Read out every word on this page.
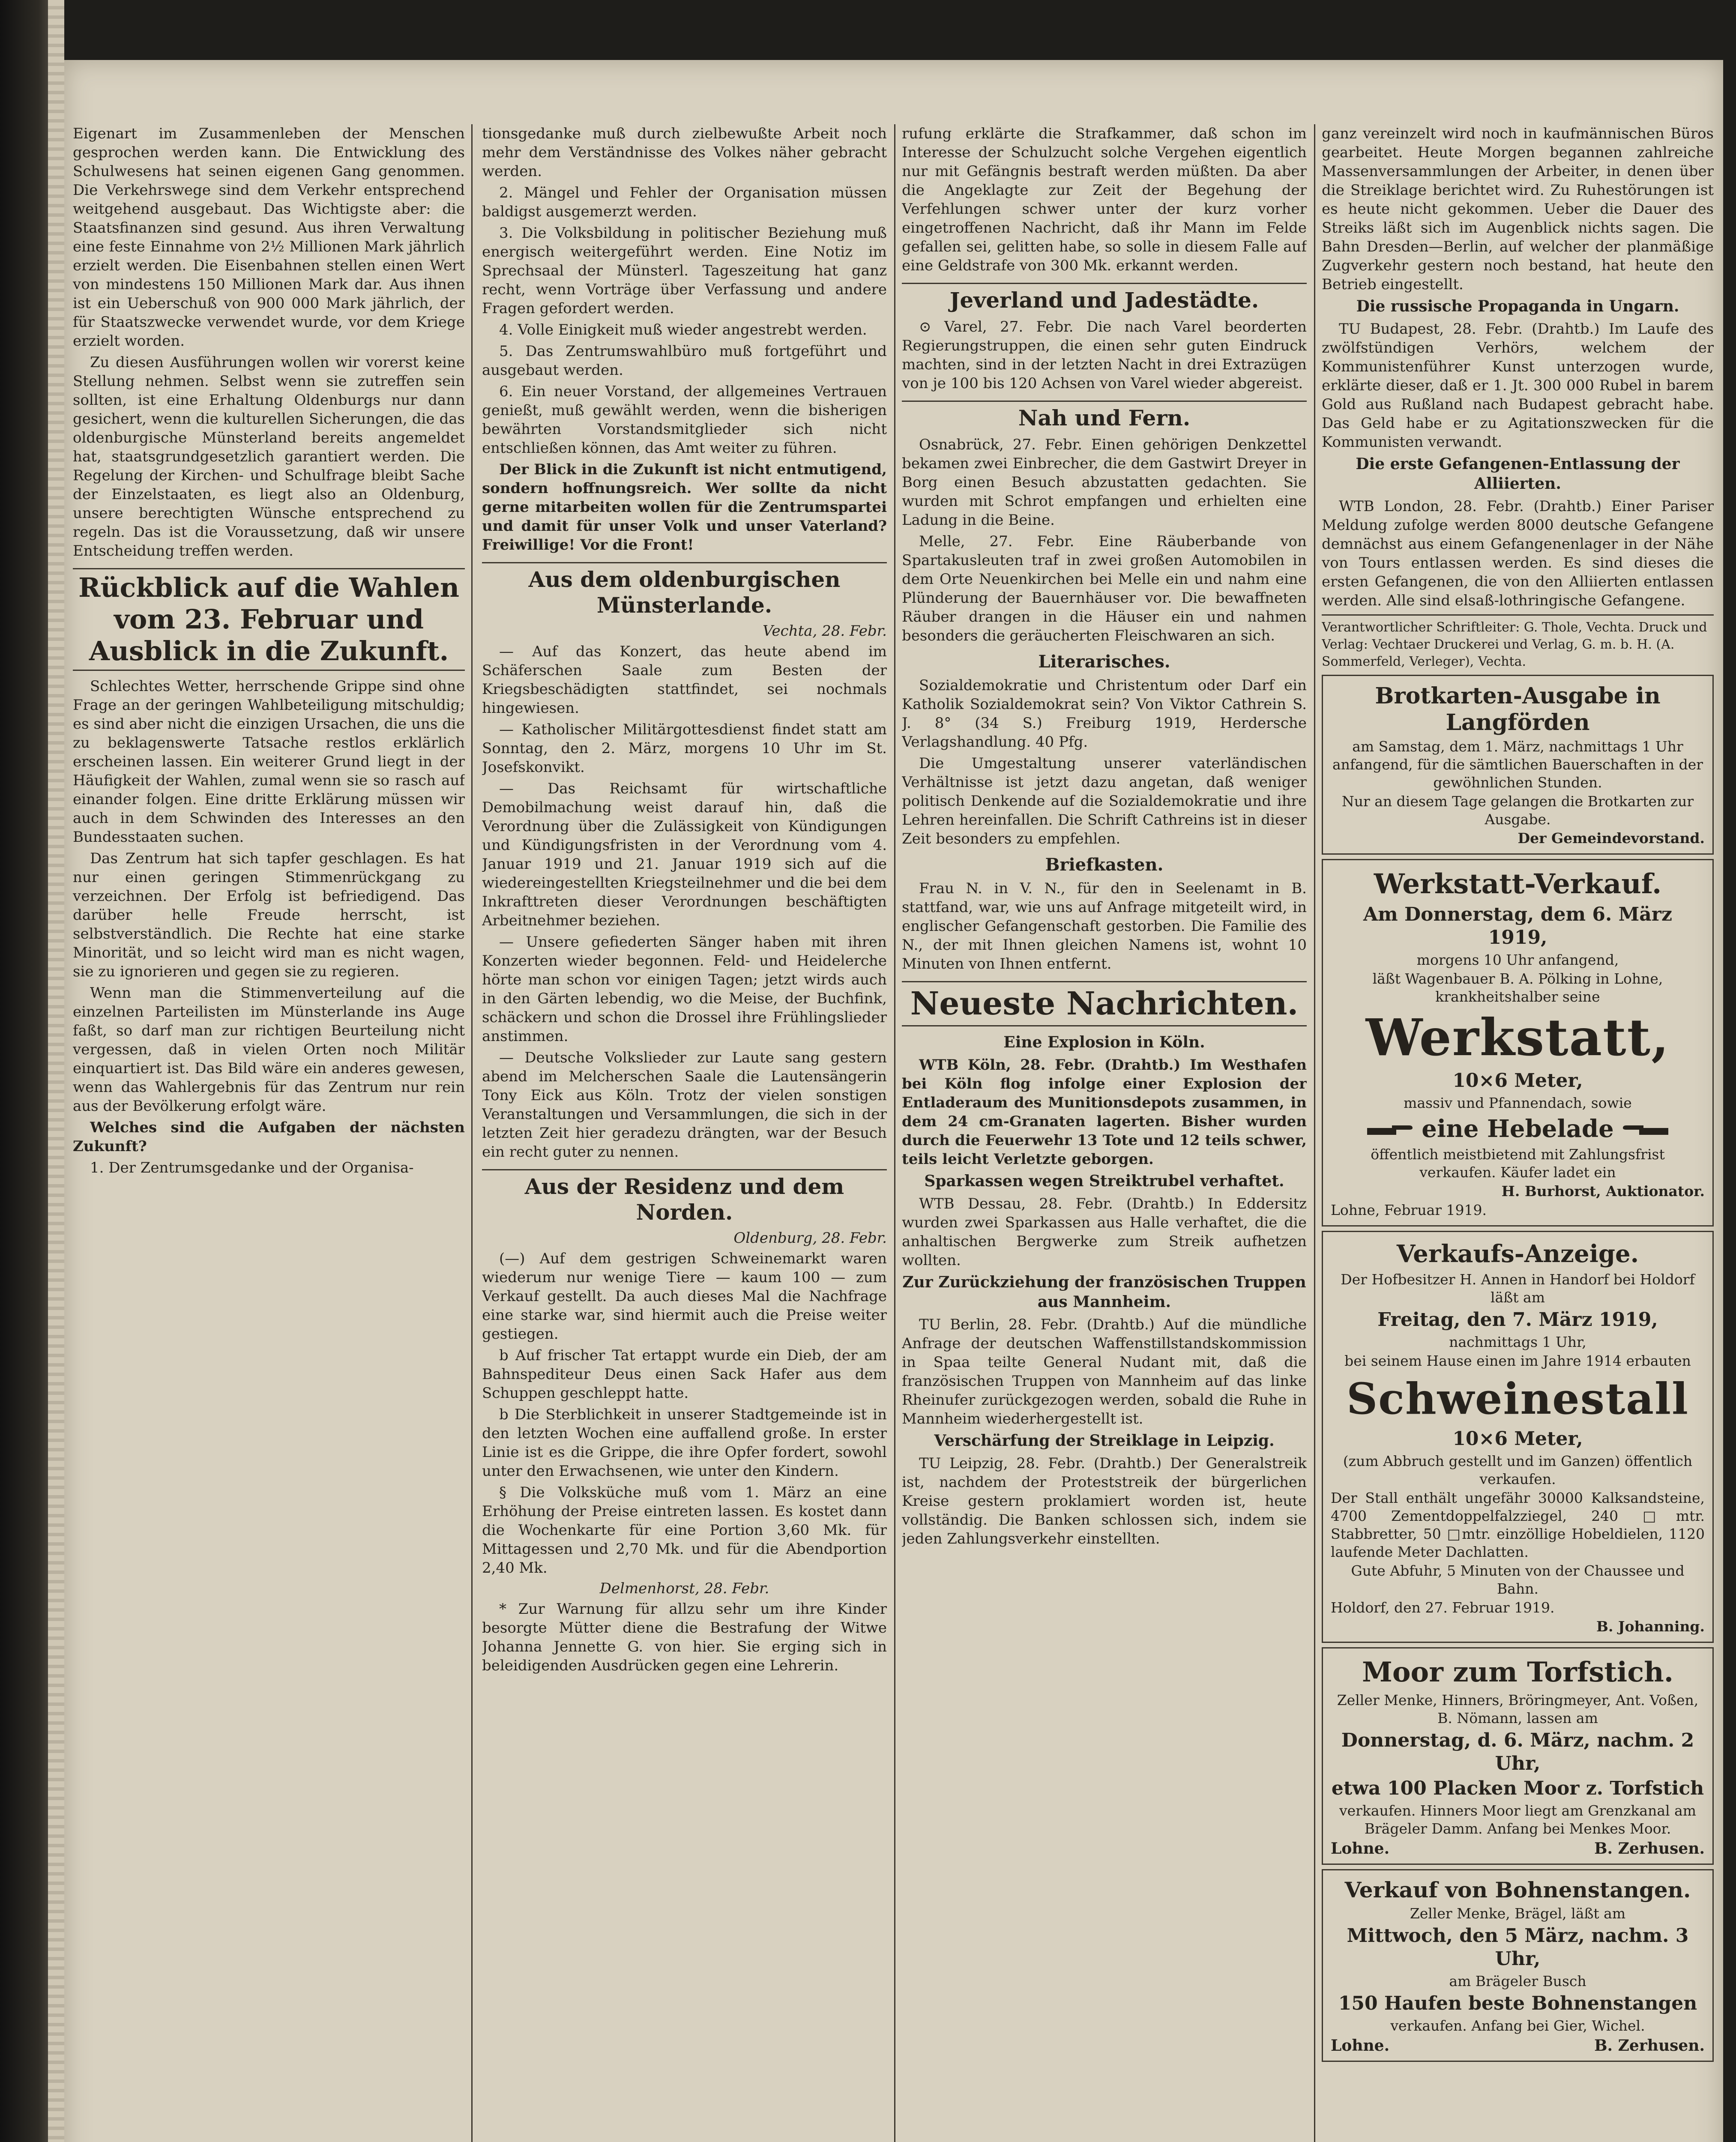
Eigenart im Zusammenleben der Menschen gesprochen werden kann. Die Entwicklung des Schulwesens hat seinen eigenen Gang genommen. Die Verkehrswege sind dem Verkehr entsprechend weitgehend ausgebaut. Das Wichtigste aber: die Staatsfinanzen sind gesund. Aus ihren Verwaltung eine feste Einnahme von 2½ Millionen Mark jährlich erzielt werden. Die Eisenbahnen stellen einen Wert von mindestens 150 Millionen Mark dar. Aus ihnen ist ein Ueberschuß von 900 000 Mark jährlich, der für Staatszwecke verwendet wurde, vor dem Kriege erzielt worden.

Zu diesen Ausführungen wollen wir vorerst keine Stellung nehmen. Selbst wenn sie zutreffen sein sollten, ist eine Erhaltung Oldenburgs nur dann gesichert, wenn die kulturellen Sicherungen, die das oldenburgische Münsterland bereits angemeldet hat, staatsgrundgesetzlich garantiert werden. Die Regelung der Kirchen- und Schulfrage bleibt Sache der Einzelstaaten, es liegt also an Oldenburg, unsere berechtigten Wünsche entsprechend zu regeln. Das ist die Voraussetzung, daß wir unsere Entscheidung treffen werden.

Rückblick auf die Wahlen vom 23. Februar und Ausblick in die Zukunft.

Schlechtes Wetter, herrschende Grippe sind ohne Frage an der geringen Wahlbeteiligung mitschuldig; es sind aber nicht die einzigen Ursachen, die uns die zu beklagenswerte Tatsache restlos erklärlich erscheinen lassen. Ein weiterer Grund liegt in der Häufigkeit der Wahlen, zumal wenn sie so rasch auf einander folgen. Eine dritte Erklärung müssen wir auch in dem Schwinden des Interesses an den Bundesstaaten suchen.

Das Zentrum hat sich tapfer geschlagen. Es hat nur einen geringen Stimmenrückgang zu verzeichnen. Der Erfolg ist befriedigend. Das darüber helle Freude herrscht, ist selbstverständlich. Die Rechte hat eine starke Minorität, und so leicht wird man es nicht wagen, sie zu ignorieren und gegen sie zu regieren.

Wenn man die Stimmenverteilung auf die einzelnen Parteilisten im Münsterlande ins Auge faßt, so darf man zur richtigen Beurteilung nicht vergessen, daß in vielen Orten noch Militär einquartiert ist. Das Bild wäre ein anderes gewesen, wenn das Wahlergebnis für das Zentrum nur rein aus der Bevölkerung erfolgt wäre.

Welches sind die Aufgaben der nächsten Zukunft?

1. Der Zentrumsgedanke und der Organisa-

tionsgedanke muß durch zielbewußte Arbeit noch mehr dem Verständnisse des Volkes näher gebracht werden.

2. Mängel und Fehler der Organisation müssen baldigst ausgemerzt werden.

3. Die Volksbildung in politischer Beziehung muß energisch weitergeführt werden. Eine Notiz im Sprechsaal der Münsterl. Tageszeitung hat ganz recht, wenn Vorträge über Verfassung und andere Fragen gefordert werden.

4. Volle Einigkeit muß wieder angestrebt werden.

5. Das Zentrumswahlbüro muß fortgeführt und ausgebaut werden.

6. Ein neuer Vorstand, der allgemeines Vertrauen genießt, muß gewählt werden, wenn die bisherigen bewährten Vorstandsmitglieder sich nicht entschließen können, das Amt weiter zu führen.

Der Blick in die Zukunft ist nicht entmutigend, sondern hoffnungsreich. Wer sollte da nicht gerne mitarbeiten wollen für die Zentrumspartei und damit für unser Volk und unser Vaterland? Freiwillige! Vor die Front!

Aus dem oldenburgischen Münsterlande.
Vechta, 28. Febr.

— Auf das Konzert, das heute abend im Schäferschen Saale zum Besten der Kriegsbeschädigten stattfindet, sei nochmals hingewiesen.

— Katholischer Militärgottesdienst findet statt am Sonntag, den 2. März, morgens 10 Uhr im St. Josefskonvikt.

— Das Reichsamt für wirtschaftliche Demobilmachung weist darauf hin, daß die Verordnung über die Zulässigkeit von Kündigungen und Kündigungsfristen in der Verordnung vom 4. Januar 1919 und 21. Januar 1919 sich auf die wiedereingestellten Kriegsteilnehmer und die bei dem Inkrafttreten dieser Verordnungen beschäftigten Arbeitnehmer beziehen.

— Unsere gefiederten Sänger haben mit ihren Konzerten wieder begonnen. Feld- und Heidelerche hörte man schon vor einigen Tagen; jetzt wirds auch in den Gärten lebendig, wo die Meise, der Buchfink, schäckern und schon die Drossel ihre Frühlingslieder anstimmen.

— Deutsche Volkslieder zur Laute sang gestern abend im Melcherschen Saale die Lautensängerin Tony Eick aus Köln. Trotz der vielen sonstigen Veranstaltungen und Versammlungen, die sich in der letzten Zeit hier geradezu drängten, war der Besuch ein recht guter zu nennen.

Aus der Residenz und dem Norden.
Oldenburg, 28. Febr.

(—) Auf dem gestrigen Schweinemarkt waren wiederum nur wenige Tiere — kaum 100 — zum Verkauf gestellt. Da auch dieses Mal die Nachfrage eine starke war, sind hiermit auch die Preise weiter gestiegen.

b Auf frischer Tat ertappt wurde ein Dieb, der am Bahnspediteur Deus einen Sack Hafer aus dem Schuppen geschleppt hatte.

b Die Sterblichkeit in unserer Stadtgemeinde ist in den letzten Wochen eine auffallend große. In erster Linie ist es die Grippe, die ihre Opfer fordert, sowohl unter den Erwachsenen, wie unter den Kindern.

§ Die Volksküche muß vom 1. März an eine Erhöhung der Preise eintreten lassen. Es kostet dann die Wochenkarte für eine Portion 3,60 Mk. für Mittagessen und 2,70 Mk. und für die Abendportion 2,40 Mk.

Delmenhorst, 28. Febr.

* Zur Warnung für allzu sehr um ihre Kinder besorgte Mütter diene die Bestrafung der Witwe Johanna Jennette G. von hier. Sie erging sich in beleidigenden Ausdrücken gegen eine Lehrerin.

rufung erklärte die Strafkammer, daß schon im Interesse der Schulzucht solche Vergehen eigentlich nur mit Gefängnis bestraft werden müßten. Da aber die Angeklagte zur Zeit der Begehung der Verfehlungen schwer unter der kurz vorher eingetroffenen Nachricht, daß ihr Mann im Felde gefallen sei, gelitten habe, so solle in diesem Falle auf eine Geldstrafe von 300 Mk. erkannt werden.

Jeverland und Jadestädte.

⊙ Varel, 27. Febr. Die nach Varel beorderten Regierungstruppen, die einen sehr guten Eindruck machten, sind in der letzten Nacht in drei Extrazügen von je 100 bis 120 Achsen von Varel wieder abgereist.

Nah und Fern.

Osnabrück, 27. Febr. Einen gehörigen Denkzettel bekamen zwei Einbrecher, die dem Gastwirt Dreyer in Borg einen Besuch abzustatten gedachten. Sie wurden mit Schrot empfangen und erhielten eine Ladung in die Beine.

Melle, 27. Febr. Eine Räuberbande von Spartakusleuten traf in zwei großen Automobilen in dem Orte Neuenkirchen bei Melle ein und nahm eine Plünderung der Bauernhäuser vor. Die bewaffneten Räuber drangen in die Häuser ein und nahmen besonders die geräucherten Fleischwaren an sich.

Literarisches.

Sozialdemokratie und Christentum oder Darf ein Katholik Sozialdemokrat sein? Von Viktor Cathrein S. J. 8° (34 S.) Freiburg 1919, Herdersche Verlagshandlung. 40 Pfg.

Die Umgestaltung unserer vaterländischen Verhältnisse ist jetzt dazu angetan, daß weniger politisch Denkende auf die Sozialdemokratie und ihre Lehren hereinfallen. Die Schrift Cathreins ist in dieser Zeit besonders zu empfehlen.

Briefkasten.

Frau N. in V. N., für den in Seelenamt in B. stattfand, war, wie uns auf Anfrage mitgeteilt wird, in englischer Gefangenschaft gestorben. Die Familie des N., der mit Ihnen gleichen Namens ist, wohnt 10 Minuten von Ihnen entfernt.

Neueste Nachrichten.
Eine Explosion in Köln.

WTB Köln, 28. Febr. (Drahtb.) Im Westhafen bei Köln flog infolge einer Explosion der Entladeraum des Munitionsdepots zusammen, in dem 24 cm-Granaten lagerten. Bisher wurden durch die Feuerwehr 13 Tote und 12 teils schwer, teils leicht Verletzte geborgen.

Sparkassen wegen Streiktrubel verhaftet.

WTB Dessau, 28. Febr. (Drahtb.) In Eddersitz wurden zwei Sparkassen aus Halle verhaftet, die die anhaltischen Bergwerke zum Streik aufhetzen wollten.

Zur Zurückziehung der französischen Truppen aus Mannheim.

TU Berlin, 28. Febr. (Drahtb.) Auf die mündliche Anfrage der deutschen Waffenstillstandskommission in Spaa teilte General Nudant mit, daß die französischen Truppen von Mannheim auf das linke Rheinufer zurückgezogen werden, sobald die Ruhe in Mannheim wiederhergestellt ist.

Verschärfung der Streiklage in Leipzig.

TU Leipzig, 28. Febr. (Drahtb.) Der Generalstreik ist, nachdem der Proteststreik der bürgerlichen Kreise gestern proklamiert worden ist, heute vollständig. Die Banken schlossen sich, indem sie jeden Zahlungsverkehr einstellten.

ganz vereinzelt wird noch in kaufmännischen Büros gearbeitet. Heute Morgen begannen zahlreiche Massenversammlungen der Arbeiter, in denen über die Streiklage berichtet wird. Zu Ruhestörungen ist es heute nicht gekommen. Ueber die Dauer des Streiks läßt sich im Augenblick nichts sagen. Die Bahn Dresden—Berlin, auf welcher der planmäßige Zugverkehr gestern noch bestand, hat heute den Betrieb eingestellt.

Die russische Propaganda in Ungarn.

TU Budapest, 28. Febr. (Drahtb.) Im Laufe des zwölfstündigen Verhörs, welchem der Kommunistenführer Kunst unterzogen wurde, erklärte dieser, daß er 1. Jt. 300 000 Rubel in barem Gold aus Rußland nach Budapest gebracht habe. Das Geld habe er zu Agitationszwecken für die Kommunisten verwandt.

Die erste Gefangenen-Entlassung der Alliierten.

WTB London, 28. Febr. (Drahtb.) Einer Pariser Meldung zufolge werden 8000 deutsche Gefangene demnächst aus einem Gefangenenlager in der Nähe von Tours entlassen werden. Es sind dieses die ersten Gefangenen, die von den Alliierten entlassen werden. Alle sind elsaß-lothringische Gefangene.

Verantwortlicher Schriftleiter: G. Thole, Vechta. Druck und Verlag: Vechtaer Druckerei und Verlag, G. m. b. H. (A. Sommerfeld, Verleger), Vechta.
Brotkarten-Ausgabe in Langförden
am Samstag, dem 1. März, nachmittags 1 Uhr anfangend, für die sämtlichen Bauerschaften in der gewöhnlichen Stunden.
Nur an diesem Tage gelangen die Brotkarten zur Ausgabe.
Der Gemeindevorstand.
Werkstatt-Verkauf.
Am Donnerstag, dem 6. März 1919,
morgens 10 Uhr anfangend,
läßt Wagenbauer B. A. Pölking in Lohne, krankheitshalber seine
Werkstatt,
10×6 Meter,
massiv und Pfannendach, sowie
eine Hebelade
öffentlich meistbietend mit Zahlungsfrist verkaufen. Käufer ladet ein
H. Burhorst, Auktionator.
Lohne, Februar 1919.
Verkaufs-Anzeige.
Der Hofbesitzer H. Annen in Handorf bei Holdorf läßt am
Freitag, den 7. März 1919,
nachmittags 1 Uhr,
bei seinem Hause einen im Jahre 1914 erbauten
Schweinestall
10×6 Meter,
(zum Abbruch gestellt und im Ganzen) öffentlich verkaufen.
Der Stall enthält ungefähr 30000 Kalksandsteine, 4700 Zementdoppelfalzziegel, 240 □mtr. Stabbretter, 50 □mtr. einzöllige Hobeldielen, 1120 laufende Meter Dachlatten.
Gute Abfuhr, 5 Minuten von der Chaussee und Bahn.
Holdorf, den 27. Februar 1919.
B. Johanning.
Moor zum Torfstich.
Zeller Menke, Hinners, Bröringmeyer, Ant. Voßen, B. Nömann, lassen am
Donnerstag, d. 6. März, nachm. 2 Uhr,
etwa 100 Placken Moor z. Torfstich
verkaufen. Hinners Moor liegt am Grenzkanal am Brägeler Damm. Anfang bei Menkes Moor.
Lohne.	B. Zerhusen.
Verkauf von Bohnenstangen.
Zeller Menke, Brägel, läßt am
Mittwoch, den 5 März, nachm. 3 Uhr,
am Brägeler Busch
150 Haufen beste Bohnenstangen
verkaufen. Anfang bei Gier, Wichel.
Lohne.	B. Zerhusen.
